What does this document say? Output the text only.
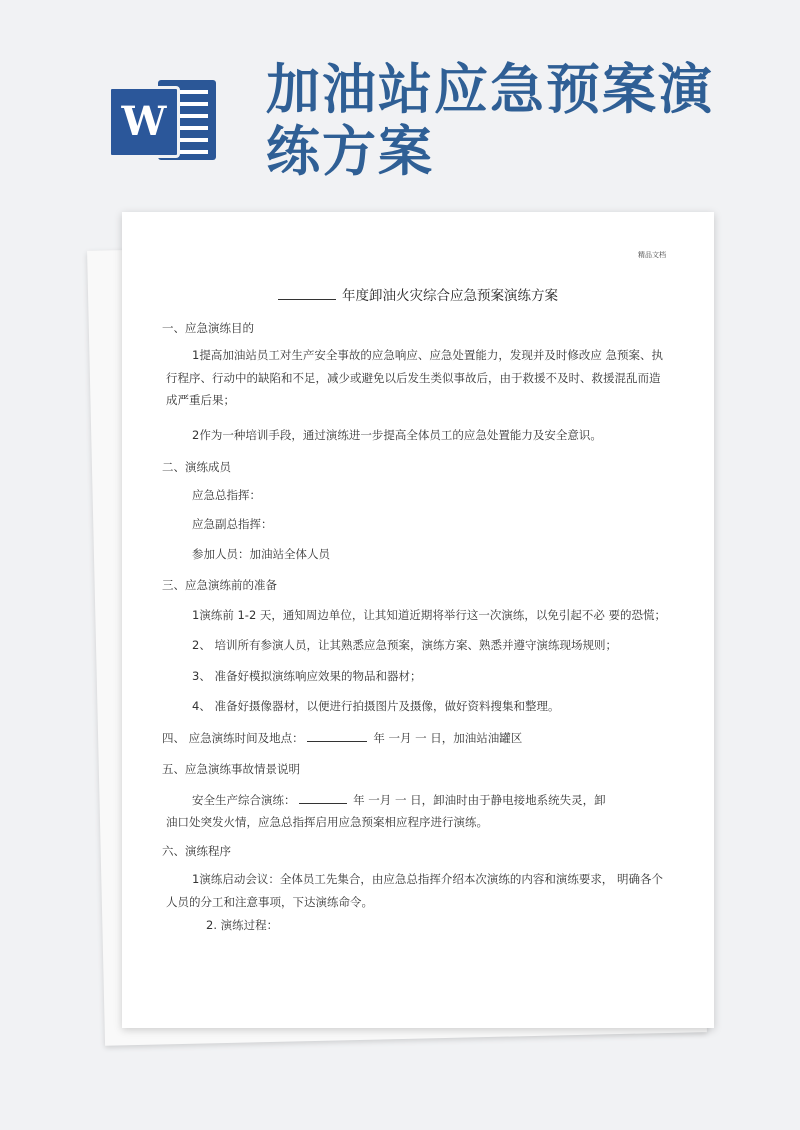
W
加油站应急预案演
练方案

精品文档

年度卸油火灾综合应急预案演练方案

一、应急演练目的

1提高加油站员工对生产安全事故的应急响应、应急处置能力，发现并及时修改应 急预案、执行程序、行动中的缺陷和不足，减少或避免以后发生类似事故后，由于救援不及时、救援混乱而造成严重后果；

2作为一种培训手段，通过演练进一步提高全体员工的应急处置能力及安全意识。

二、演练成员

应急总指挥：

应急副总指挥：

参加人员：加油站全体人员

三、应急演练前的准备

1演练前 1-2 天，通知周边单位，让其知道近期将举行这一次演练，以免引起不必 要的恐慌；

2、 培训所有参演人员，让其熟悉应急预案，演练方案、熟悉并遵守演练现场规则；

3、 准备好模拟演练响应效果的物品和器材；

4、 准备好摄像器材，以便进行拍摄图片及摄像，做好资料搜集和整理。

四、 应急演练时间及地点：	年 一月 一 日，加油站油罐区

五、应急演练事故情景说明

安全生产综合演练：	年 一月 一 日，卸油时由于静电接地系统失灵，卸

油口处突发火情，应急总指挥启用应急预案相应程序进行演练。

六、演练程序

1演练启动会议：全体员工先集合，由应急总指挥介绍本次演练的内容和演练要求， 明确各个人员的分工和注意事项，下达演练命令。

2. 演练过程：
